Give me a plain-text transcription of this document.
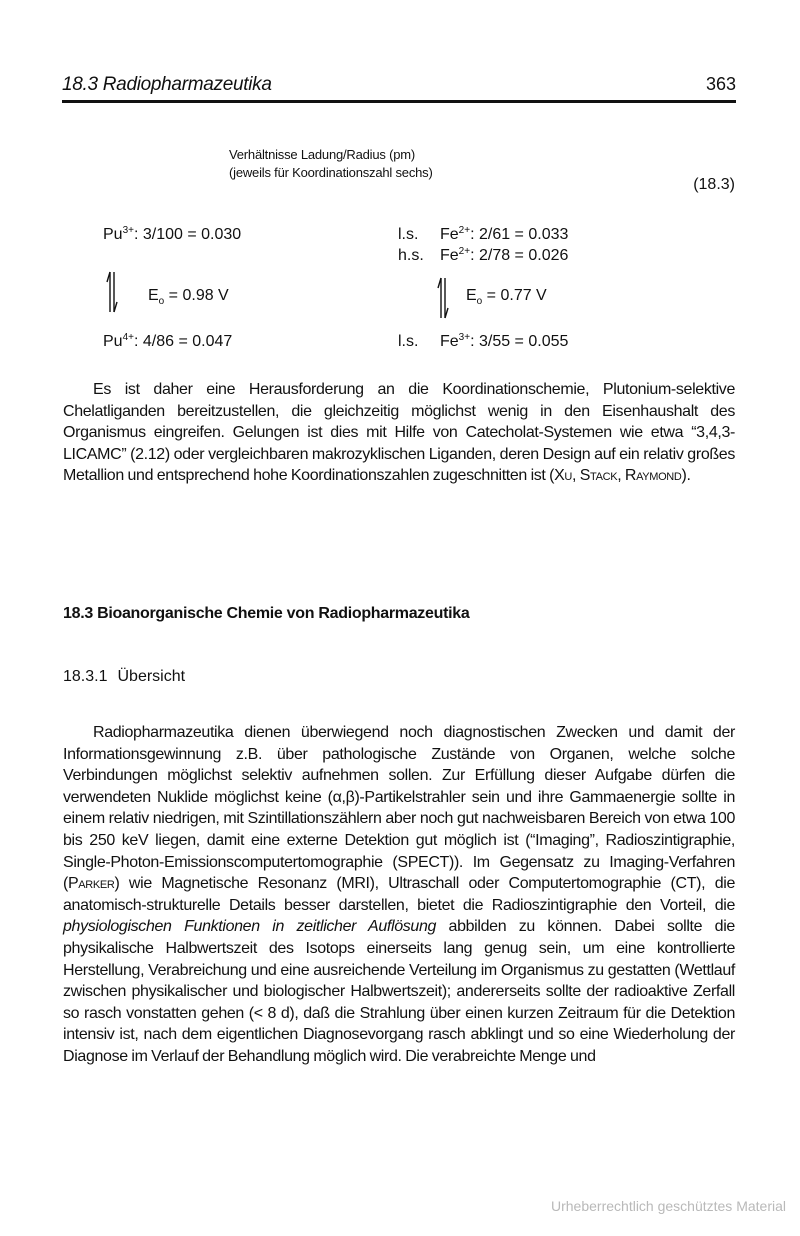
18.3 Radiopharmazeutika	363
Verhältnisse Ladung/Radius (pm)
(jeweils für Koordinationszahl sechs)
(18.3)
$Pu^{3+}$: 3/100 = 0.030
$E_o = 0.98$ V
$Pu^{4+}$: 4/86 = 0.047
l.s. $Fe^{2+}$: 2/61 = 0.033
h.s. $Fe^{2+}$: 2/78 = 0.026
$E_o = 0.77$ V
l.s. $Fe^{3+}$: 3/55 = 0.055
Es ist daher eine Herausforderung an die Koordinationschemie, Plutonium-selektive Chelatliganden bereitzustellen, die gleichzeitig möglichst wenig in den Eisenhaushalt des Organismus eingreifen. Gelungen ist dies mit Hilfe von Catecholat-Systemen wie etwa “3,4,3-LICAMC” (2.12) oder vergleichbaren makrozyklischen Liganden, deren Design auf ein relativ großes Metallion und entsprechend hohe Koordinationszahlen zugeschnitten ist (Xu, Stack, Raymond).
18.3 Bioanorganische Chemie von Radiopharmazeutika
18.3.1 Übersicht
Radiopharmazeutika dienen überwiegend noch diagnostischen Zwecken und damit der Informationsgewinnung z.B. über pathologische Zustände von Organen, welche solche Verbindungen möglichst selektiv aufnehmen sollen. Zur Erfüllung dieser Aufgabe dürfen die verwendeten Nuklide möglichst keine (α,β)-Partikelstrahler sein und ihre Gammaenergie sollte in einem relativ niedrigen, mit Szintillationszählern aber noch gut nachweisbaren Bereich von etwa 100 bis 250 keV liegen, damit eine externe Detektion gut möglich ist (“Imaging”, Radioszintigraphie, Single-Photon-Emissionscomputertomographie (SPECT)). Im Gegensatz zu Imaging-Verfahren (Parker) wie Magnetische Resonanz (MRI), Ultraschall oder Computertomographie (CT), die anatomisch-strukturelle Details besser darstellen, bietet die Radioszintigraphie den Vorteil, die physiologischen Funktionen in zeitlicher Auflösung abbilden zu können. Dabei sollte die physikalische Halbwertszeit des Isotops einerseits lang genug sein, um eine kontrollierte Herstellung, Verabreichung und eine ausreichende Verteilung im Organismus zu gestatten (Wettlauf zwischen physikalischer und biologischer Halbwertszeit); andererseits sollte der radioaktive Zerfall so rasch vonstatten gehen (< 8 d), daß die Strahlung über einen kurzen Zeitraum für die Detektion intensiv ist, nach dem eigentlichen Diagnosevorgang rasch abklingt und so eine Wiederholung der Diagnose im Verlauf der Behandlung möglich wird. Die verabreichte Menge und
Urheberrechtlich geschütztes Material
